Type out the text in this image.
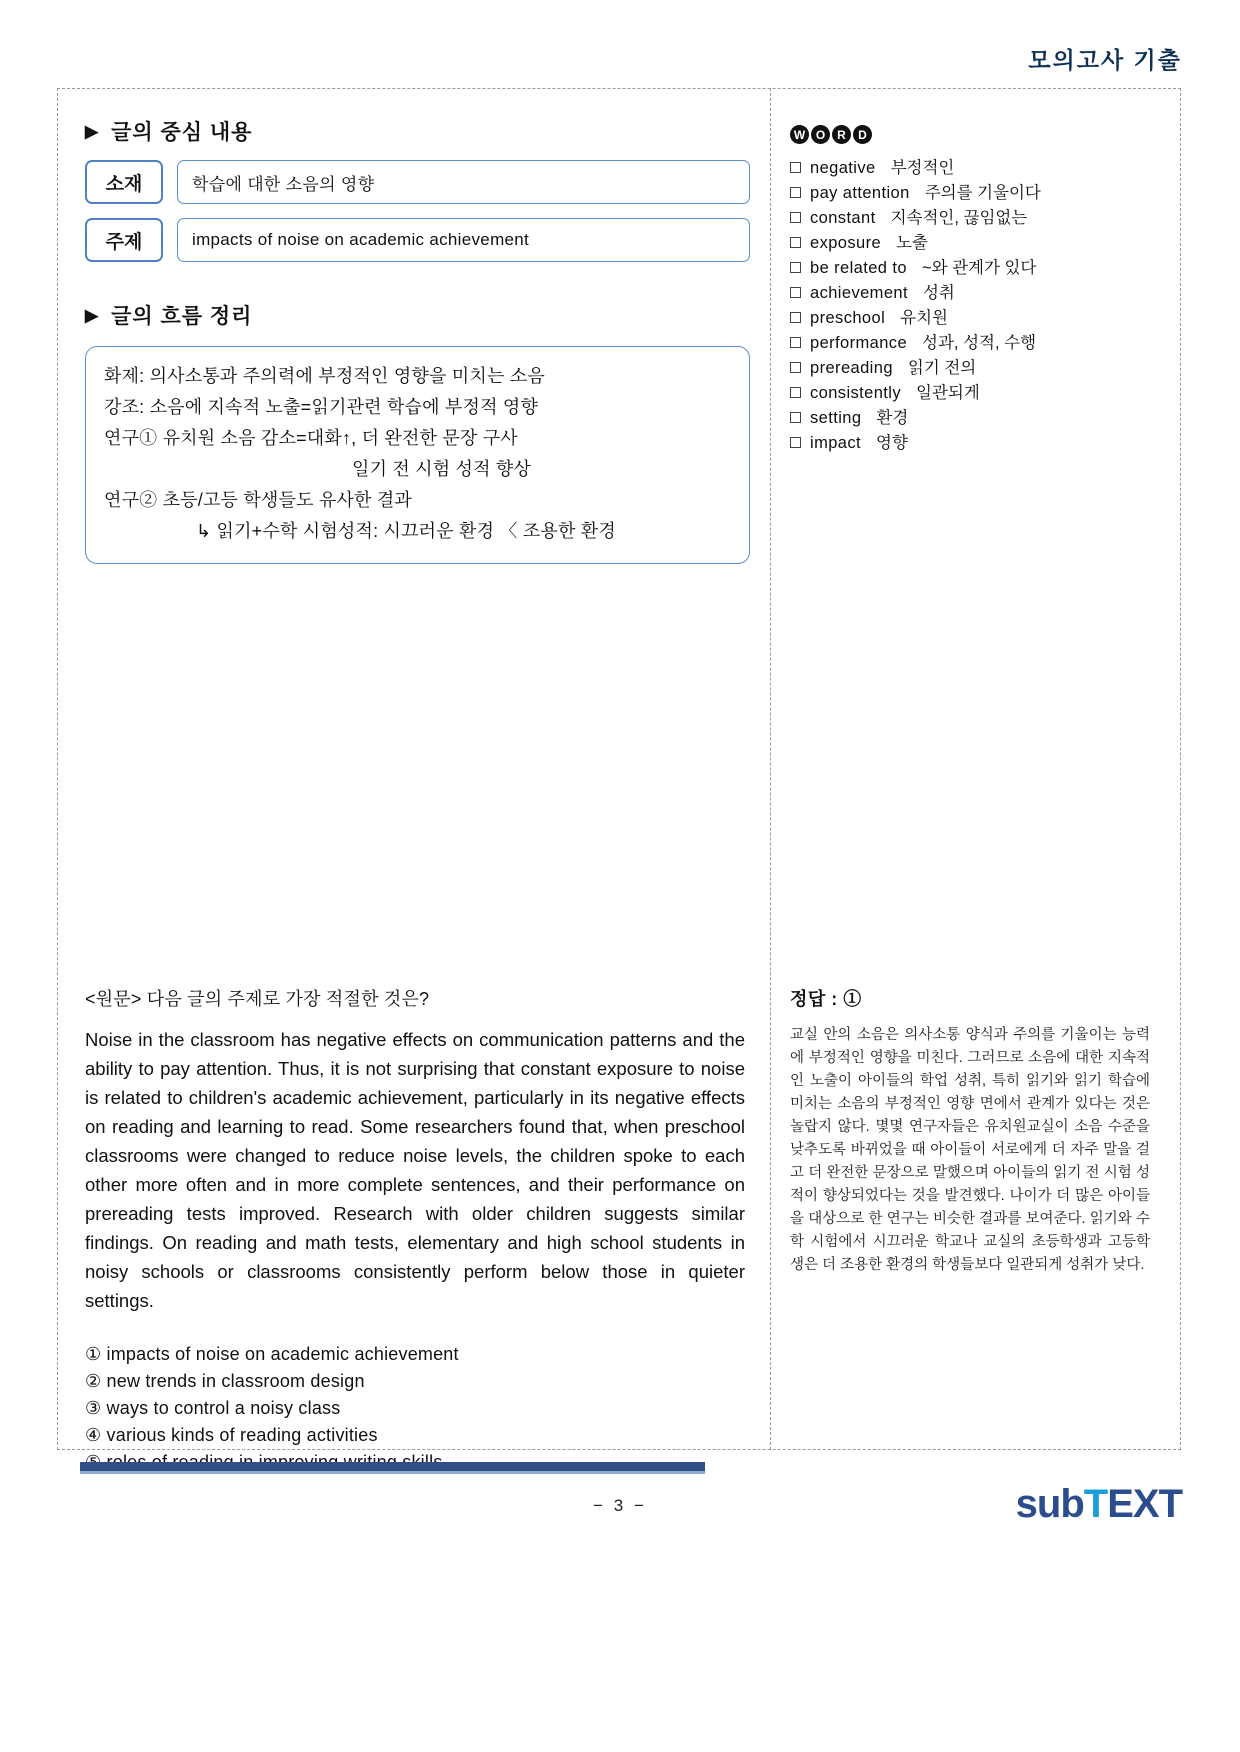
모의고사 기출
▶ 글의 중심 내용
소재	학습에 대한 소음의 영향
주제	impacts of noise on academic achievement
▶ 글의 흐름 정리
화제: 의사소통과 주의력에 부정적인 영향을 미치는 소음
강조: 소음에 지속적 노출=읽기관련 학습에 부정적 영향
연구① 유치원 소음 감소=대화↑, 더 완전한 문장 구사
일기 전 시험 성적 향상
연구② 초등/고등 학생들도 유사한 결과
↳ 읽기+수학 시험성적: 시끄러운 환경 〈 조용한 환경
<원문> 다음 글의 주제로 가장 적절한 것은?
Noise in the classroom has negative effects on communication patterns and the ability to pay attention. Thus, it is not surprising that constant exposure to noise is related to children's academic achievement, particularly in its negative effects on reading and learning to read. Some researchers found that, when preschool classrooms were changed to reduce noise levels, the children spoke to each other more often and in more complete sentences, and their performance on prereading tests improved. Research with older children suggests similar findings. On reading and math tests, elementary and high school students in noisy schools or classrooms consistently perform below those in quieter settings.
① impacts of noise on academic achievement
② new trends in classroom design
③ ways to control a noisy class
④ various kinds of reading activities
W O R	D
negative 부정적인
pay attention 주의를 기울이다
constant 지속적인, 끊임없는
exposure 노출
be related to ~와 관계가 있다
achievement 성취
preschool 유치원
performance 성과, 성적, 수행
prereading 읽기 전의
consistently 일관되게
setting 환경
impact 영향
정답 : ①
교실 안의 소음은 의사소통 양식과 주의를 기울이는 능력에 부정적인 영향을 미친다. 그러므로 소음에 대한 지속적인 노출이 아이들의 학업 성취, 특히 읽기와 읽기 학습에 미치는 소음의 부정적인 영향 면에서 관계가 있다는 것은 놀랍지 않다. 몇몇 연구자들은 유치원교실이 소음 수준을 낮추도록 바뀌었을 때 아이들이 서로에게 더 자주 말을 걸고 더 완전한 문장으로 말했으며 아이들의 읽기 전 시험 성적이 향상되었다는 것을 발견했다. 나이가 더 많은 아이들을 대상으로 한 연구는 비슷한 결과를 보여준다. 읽기와 수학 시험에서 시끄러운 학교나 교실의 초등학생과 고등학생은 더 조용한 환경의 학생들보다 일관되게 성취가 낮다.
− 3 −	subTEXT
